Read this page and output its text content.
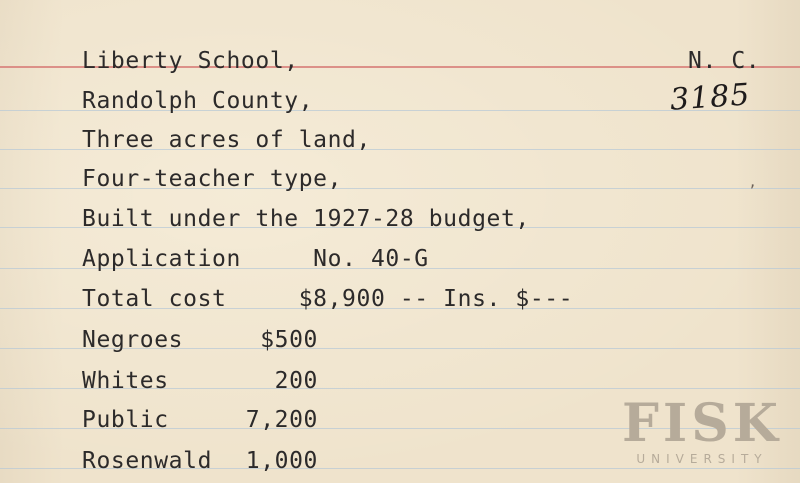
Liberty School,
Randolph County,
Three acres of land,
Four-teacher type,
Built under the 1927-28 budget,
Application     No. 40-G
Total cost     $8,900 -- Ins. $---
Negroes	$500
Whites	200
Public	7,200
Rosenwald	1,000
N. C.
3185
ʼ
FISK
UNIVERSITY
